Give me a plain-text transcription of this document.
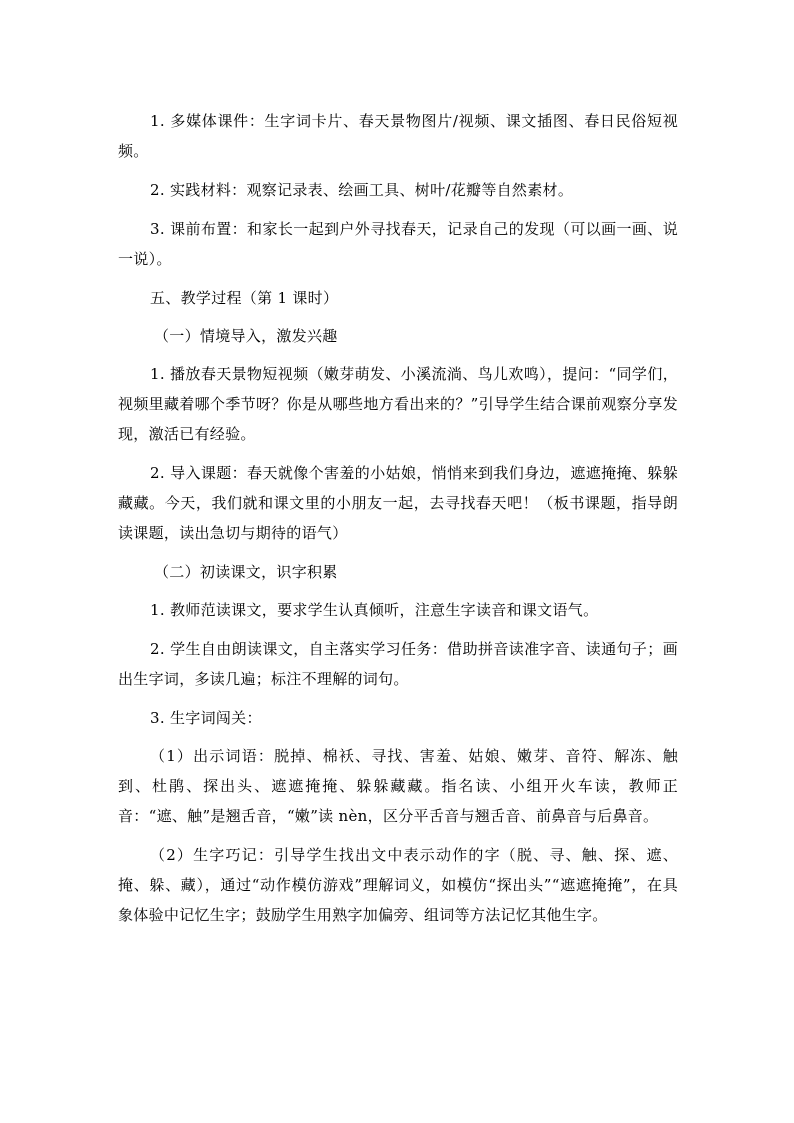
1. 多媒体课件：生字词卡片、春天景物图片/视频、课文插图、春日民俗短视频。

2. 实践材料：观察记录表、绘画工具、树叶/花瓣等自然素材。

3. 课前布置：和家长一起到户外寻找春天，记录自己的发现（可以画一画、说一说）。

五、教学过程（第 1 课时）

（一）情境导入，激发兴趣

1. 播放春天景物短视频（嫩芽萌发、小溪流淌、鸟儿欢鸣），提问：“同学们，视频里藏着哪个季节呀？你是从哪些地方看出来的？”引导学生结合课前观察分享发现，激活已有经验。

2. 导入课题：春天就像个害羞的小姑娘，悄悄来到我们身边，遮遮掩掩、躲躲藏藏。今天，我们就和课文里的小朋友一起，去寻找春天吧！（板书课题，指导朗读课题，读出急切与期待的语气）

（二）初读课文，识字积累

1. 教师范读课文，要求学生认真倾听，注意生字读音和课文语气。

2. 学生自由朗读课文，自主落实学习任务：借助拼音读准字音、读通句子；画出生字词，多读几遍；标注不理解的词句。

3. 生字词闯关：

（1）出示词语：脱掉、棉袄、寻找、害羞、姑娘、嫩芽、音符、解冻、触到、杜鹃、探出头、遮遮掩掩、躲躲藏藏。指名读、小组开火车读，教师正音：“遮、触”是翘舌音，“嫩”读 nèn，区分平舌音与翘舌音、前鼻音与后鼻音。

（2）生字巧记：引导学生找出文中表示动作的字（脱、寻、触、探、遮、掩、躲、藏），通过“动作模仿游戏”理解词义，如模仿“探出头”“遮遮掩掩”，在具象体验中记忆生字；鼓励学生用熟字加偏旁、组词等方法记忆其他生字。
